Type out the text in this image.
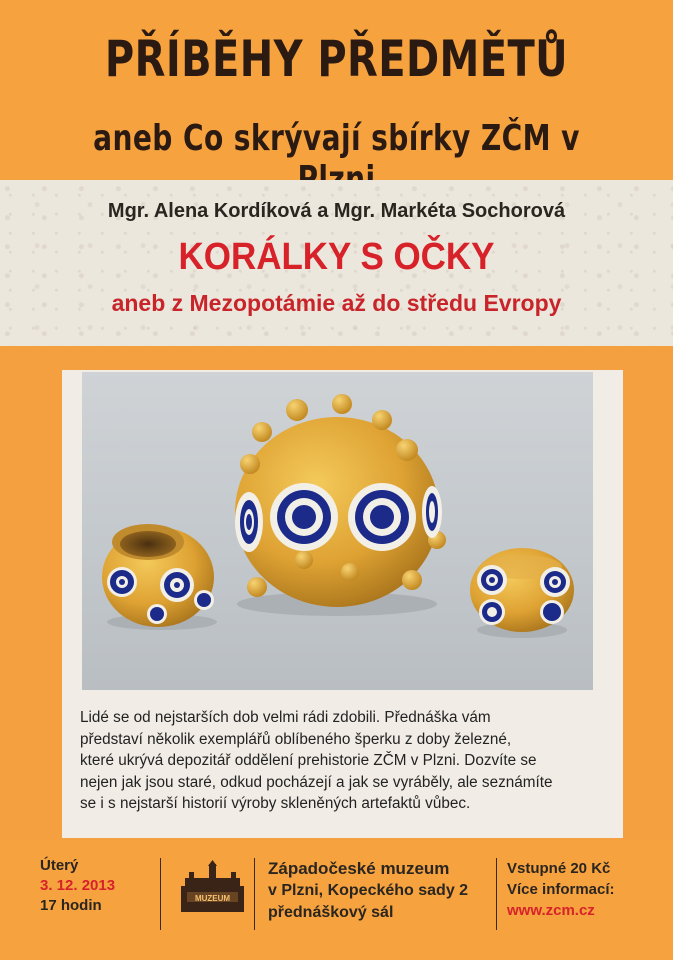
PŘÍBĚHY PŘEDMĚTŮ
aneb Co skrývají sbírky ZČM v
Mgr. Alena Kordíková a Mgr. Markéta Sochorová
KORÁLKY S OČKY
aneb z Mezopotámie až do středu Evropy
Lidé se od nejstarších dob velmi rádi zdobili. Přednáška vám
představí několik exemplářů oblíbeného šperku z doby železné,
které ukrývá depozitář oddělení prehistorie ZČM v Plzni. Dozvíte se
nejen jak jsou staré, odkud pocházejí a jak se vyráběly, ale seznámíte
se i s nejstarší historií výroby skleněných artefaktů vůbec.
Úterý
3. 12. 2013
17 hodin	MUZEUM
Západočeské muzeum
v Plzni, Kopeckého sady 2
přednáškový sál
Vstupné 20 Kč
Více informací:
www.zcm.cz
